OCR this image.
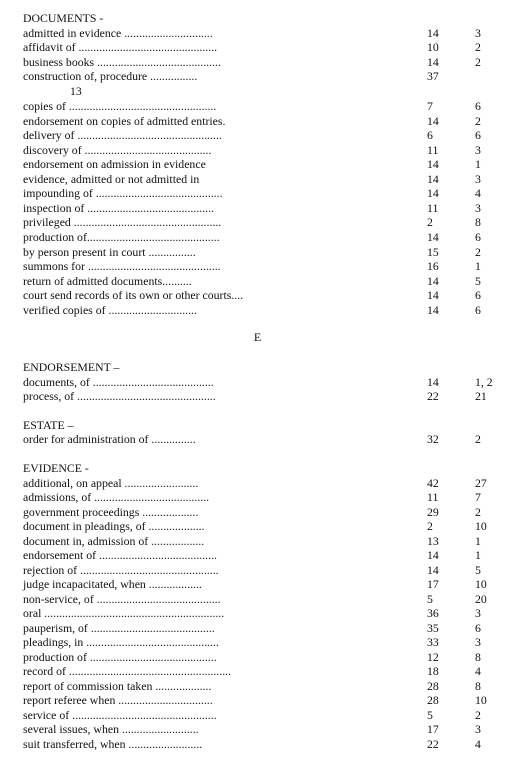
DOCUMENTS -
admitted in evidence ..............................	14	3
affidavit of ...............................................	10	2
business books ..........................................	14	2
construction of, procedure ................	37
13
copies of ..................................................	7	6
endorsement on copies of admitted entries.	14	2
delivery of .................................................	6	6
discovery of ...........................................	11	3
endorsement on admission in evidence	14	1
evidence, admitted or not admitted in	14	3
impounding of ...........................................	14	4
inspection of ...........................................	11	3
privileged ..................................................	2	8
production of.............................................	14	6
by person present in court ................	15	2
summons for .............................................	16	1
return of admitted documents..........	14	5
court send records of its own or other courts....	14	6
verified copies of ..............................	14	6
E
ENDORSEMENT –
documents, of .........................................	14	1, 2
process, of ...............................................	22	21
ESTATE –
order for administration of ...............	32	2
EVIDENCE -
additional, on appeal .........................	42	27
admissions, of .......................................	11	7
government proceedings ...................	29	2
document in pleadings, of ...................	2	10
document in, admission of ..................	13	1
endorsement of ........................................	14	1
rejection of ...............................................	14	5
judge incapacitated, when ..................	17	10
non-service, of ..........................................	5	20
oral .............................................................	36	3
pauperism, of ..........................................	35	6
pleadings, in .............................................	33	3
production of ...........................................	12	8
record of .......................................................	18	4
report of commission taken ...................	28	8
report referee when ................................	28	10
service of .................................................	5	2
several issues, when ..........................	17	3
suit transferred, when .........................	22	4
